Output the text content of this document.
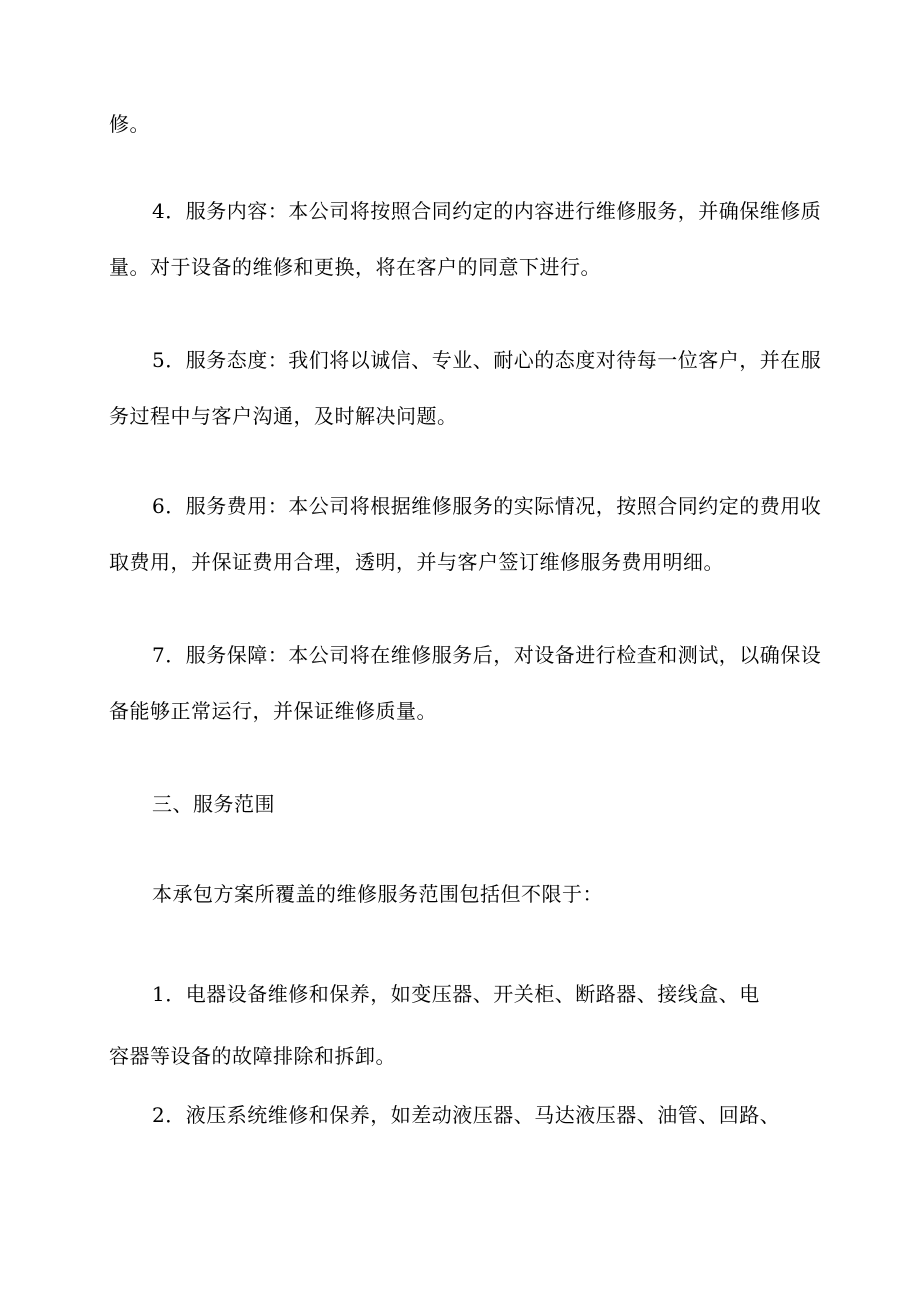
修。

4．服务内容：本公司将按照合同约定的内容进行维修服务，并确保维修质

量。对于设备的维修和更换，将在客户的同意下进行。

5．服务态度：我们将以诚信、专业、耐心的态度对待每一位客户，并在服

务过程中与客户沟通，及时解决问题。

6．服务费用：本公司将根据维修服务的实际情况，按照合同约定的费用收

取费用，并保证费用合理，透明，并与客户签订维修服务费用明细。

7．服务保障：本公司将在维修服务后，对设备进行检查和测试，以确保设

备能够正常运行，并保证维修质量。

三、服务范围

本承包方案所覆盖的维修服务范围包括但不限于：

1．电器设备维修和保养，如变压器、开关柜、断路器、接线盒、电

容器等设备的故障排除和拆卸。

2．液压系统维修和保养，如差动液压器、马达液压器、油管、回路、
